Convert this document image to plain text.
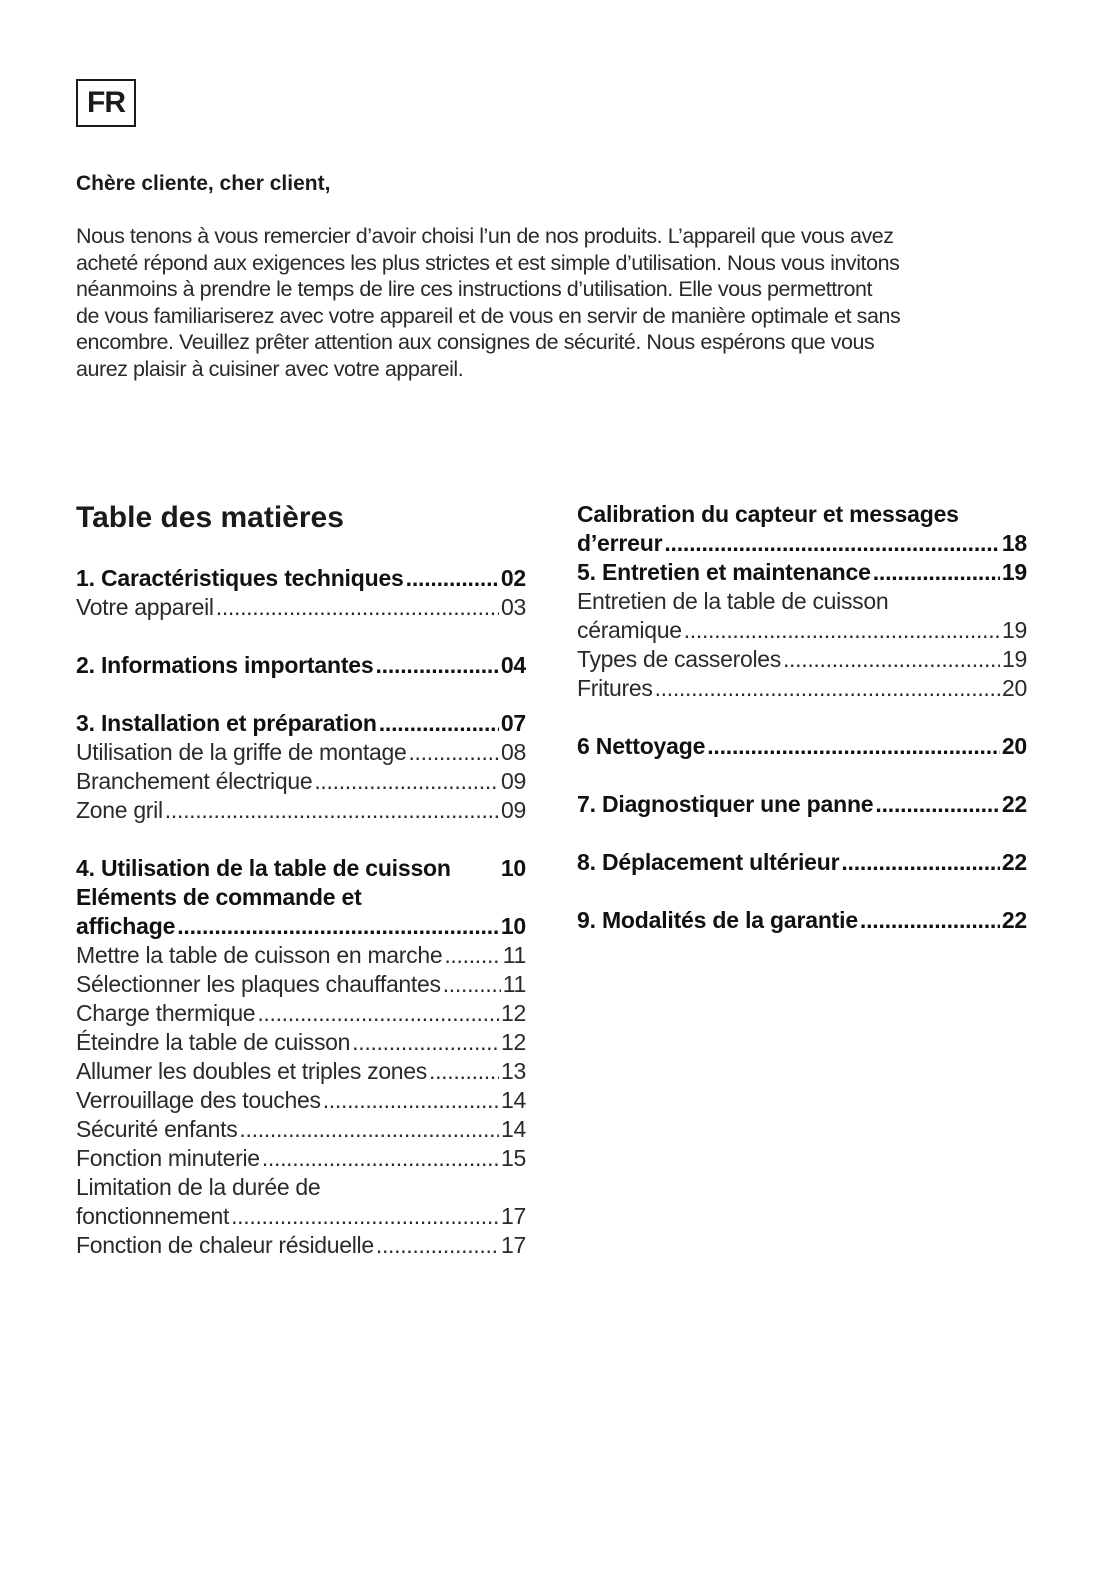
FR

Chère cliente, cher client,

Nous tenons à vous remercier d’avoir choisi l’un de nos produits. L’appareil que vous avez
acheté répond aux exigences les plus strictes et est simple d’utilisation. Nous vous invitons
néanmoins à prendre le temps de lire ces instructions d’utilisation. Elle vous permettront
de vous familiariserez avec votre appareil et de vous en servir de manière optimale et sans
encombre. Veuillez prêter attention aux consignes de sécurité. Nous espérons que vous
aurez plaisir à cuisiner avec votre appareil.

Table des matières
1. Caractéristiques techniques .....	02
Votre appareil .....	03
2. Informations importantes .....	04
3. Installation et préparation .....	07
Utilisation de la griffe de montage .....	08
Branchement électrique .....	09
Zone gril .....	09
4. Utilisation de la table de cuisson 10
Eléments de commande et
affichage .....	10
Mettre la table de cuisson en marche .....	11
Sélectionner les plaques chauffantes .....	11
Charge thermique .....	12
Éteindre la table de cuisson .....	12
Allumer les doubles et triples zones .....	13
Verrouillage des touches .....	14
Sécurité enfants .....	14
Fonction minuterie .....	15
Limitation de la durée de
fonctionnement .....	17
Fonction de chaleur résiduelle .....	17
Calibration du capteur et messages
d’erreur .....	18
5. Entretien et maintenance .....	19
Entretien de la table de cuisson
céramique .....	19
Types de casseroles .....	19
Fritures .....	20
6 Nettoyage .....	20
7. Diagnostiquer une panne .....	22
8. Déplacement ultérieur .....	22
9. Modalités de la garantie .....	22
